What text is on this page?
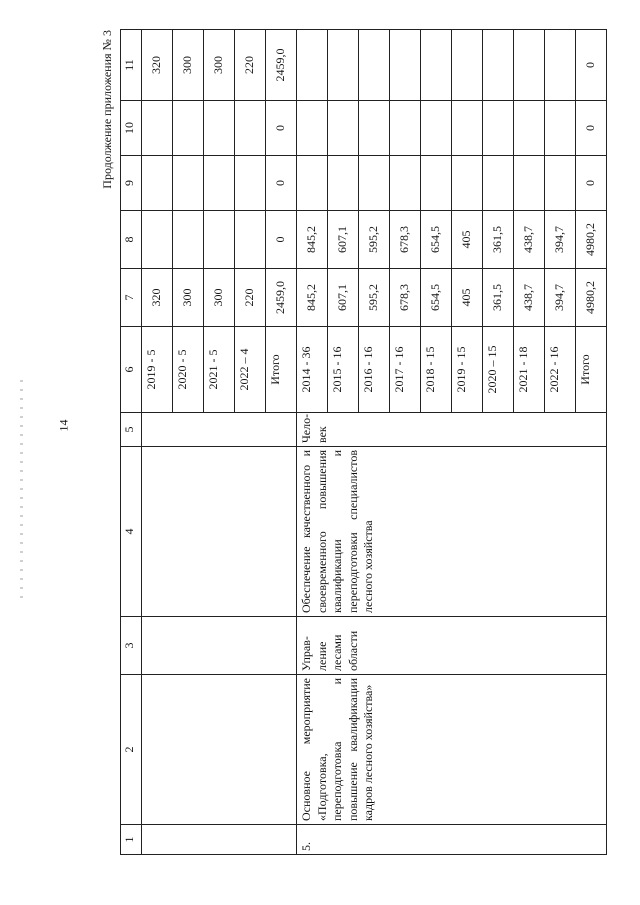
14
Продолжение приложения № 3
1	2	3	4	5	6	7	8	9	10	11
					2019 - 5	320				320
					2020 - 5	300				300
					2021 - 5	300				300
					2022 – 4	220				220
					Итого	2459,0	0	0	0	2459,0
5.	Основное мероприятие «Подготовка, переподготовка и повышение квалификации кадров лесного хозяйства»	Управ-ление лесами области	Обеспечение качественного и своевременного повышения квалификации и переподготовки специалистов лесного хозяйства	Чело-век	2014 - 36	845,2	845,2			
					2015 - 16	607,1	607,1			
					2016 - 16	595,2	595,2			
					2017 - 16	678,3	678,3			
					2018 - 15	654,5	654,5			
					2019 - 15	405	405			
					2020 – 15	361,5	361,5			
					2021 - 18	438,7	438,7			
					2022 - 16	394,7	394,7			
					Итого	4980,2	4980,2	0	0	0
